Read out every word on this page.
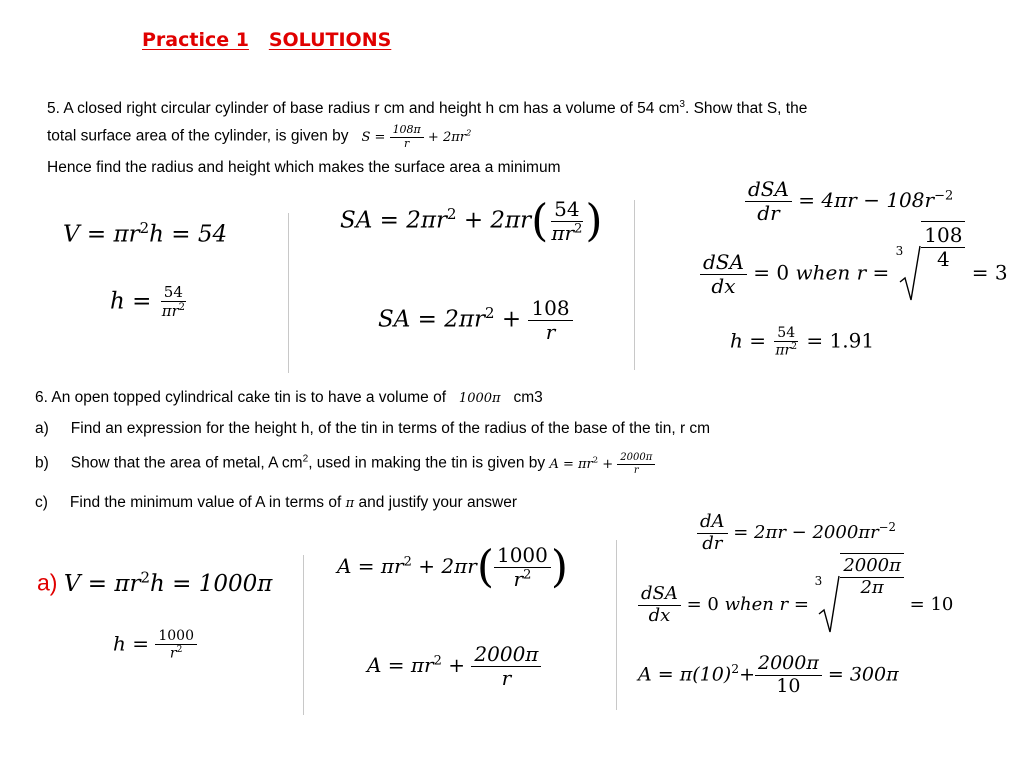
Practice 1 SOLUTIONS
5. A closed right circular cylinder of base radius r cm and height h cm has a volume of 54 $cm^3$. Show that S, the
total surface area of the cylinder, is given by $S = \frac{108\pi}{r} + 2\pi r^2$
Hence find the radius and height which makes the surface area a minimum
$V = \pi r^2h = 54$
$h = \frac{54}{\pi r^2}$
SA = $2\pi r^2 + 2\pi r( \frac{54}{\pi r^2}$ )
SA = $2\pi r^2 + \frac{108}{r}$
$\frac{\text{dSA}}{dr} = 4\pi r - 108r^{-2}$
$\frac{\text{dSA}}{dx} = 0$ when r =
$3 \frac{108}{4}$
= 3
$h = \frac{54}{\pi r^2} = 1.91$
6. An open topped cylindrical cake tin is to have a volume of 1000π cm3
a) Find an expression for the height h, of the tin in terms of the radius of the base of the tin, r cm
b) Show that the area of metal, A $cm^2$, used in making the tin is given by $A = \pi r^2 + \frac{2000\pi}{r}$
c) Find the minimum value of A in terms of π and justify your answer
a) $V = \pi r^2h = 1000\pi$
$h = \frac{1000}{r^2}$
$A = \pi r^2 + 2\pi r( \frac{1000}{r^2}$ )
$A = \pi r^2 + \frac{2000\pi}{r}$
$\frac{dA}{dr} = 2\pi r - 2000\pi r^{-2}$
$\frac{\text{dSA}}{dx} = 0$ when r =
$3 \frac{2000\pi}{2\pi}$
= 10
$A = \pi(10)^2+ \frac{2000\pi}{10} = 300\pi$
